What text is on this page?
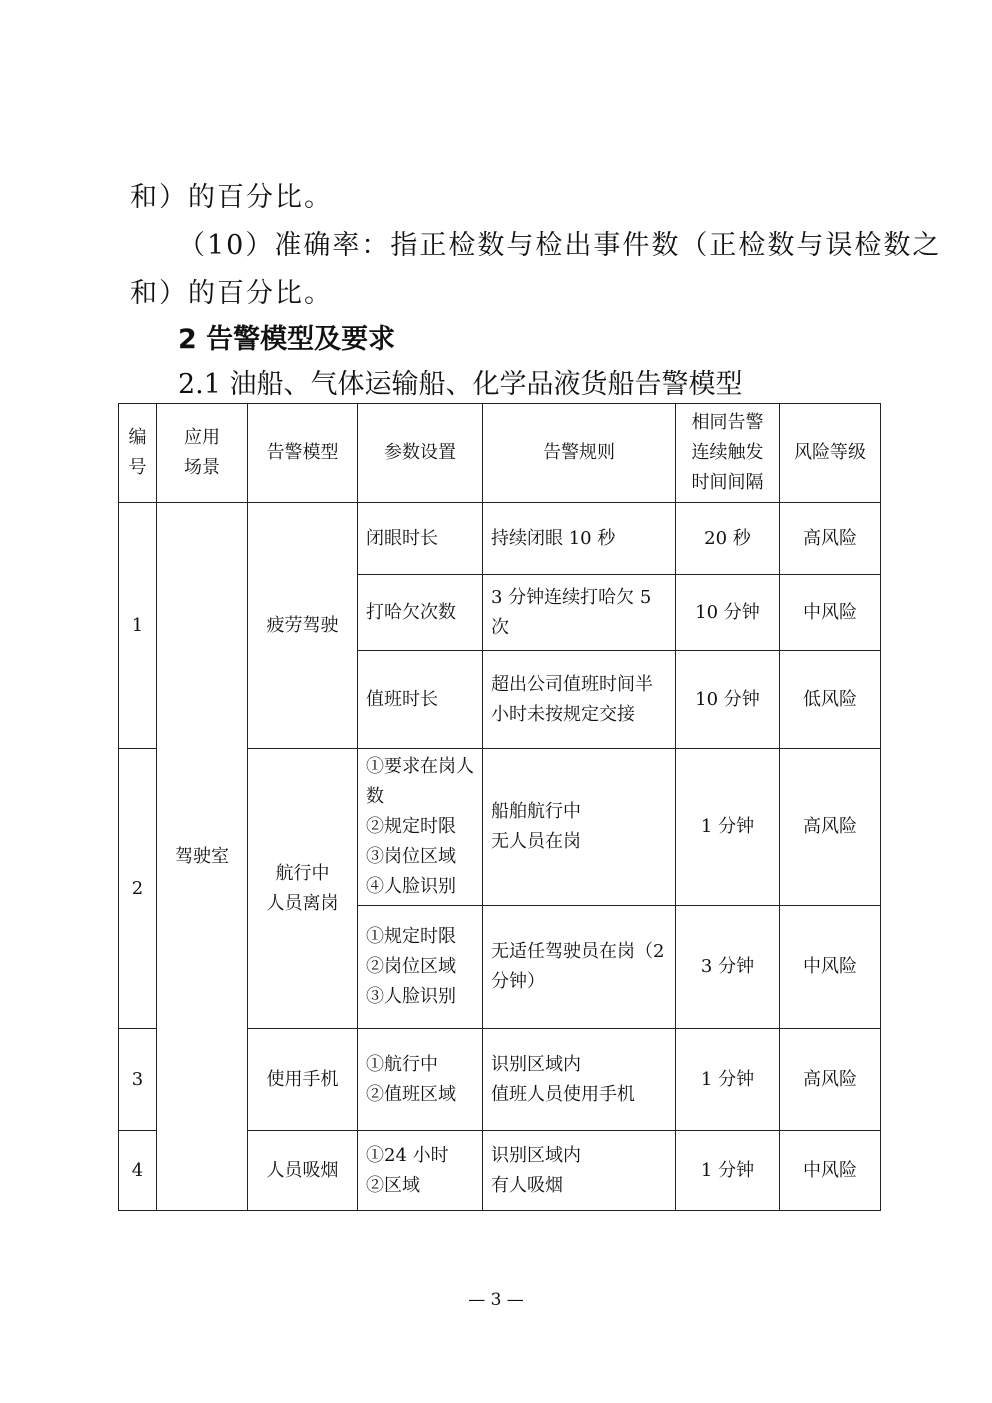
和）的百分比。
（10）准确率：指正检数与检出事件数（正检数与误检数之
和）的百分比。
2 告警模型及要求
2.1 油船、气体运输船、化学品液货船告警模型
编
号	应用
场景	告警模型	参数设置	告警规则	相同告警
连续触发
时间间隔	风险等级
1	驾驶室	疲劳驾驶	闭眼时长	持续闭眼 10 秒	20 秒	高风险
			打哈欠次数	3 分钟连续打哈欠 5 次	10 分钟	中风险
			值班时长	超出公司值班时间半小时未按规定交接	10 分钟	低风险
2		航行中
人员离岗	①要求在岗人数
②规定时限
③岗位区域
④人脸识别	船舶航行中
无人员在岗	1 分钟	高风险
			①规定时限
②岗位区域
③人脸识别	无适任驾驶员在岗（2 分钟）	3 分钟	中风险
3		使用手机	①航行中
②值班区域	识别区域内
值班人员使用手机	1 分钟	高风险
4		人员吸烟	①24 小时
②区域	识别区域内
有人吸烟	1 分钟	中风险
— 3 —
